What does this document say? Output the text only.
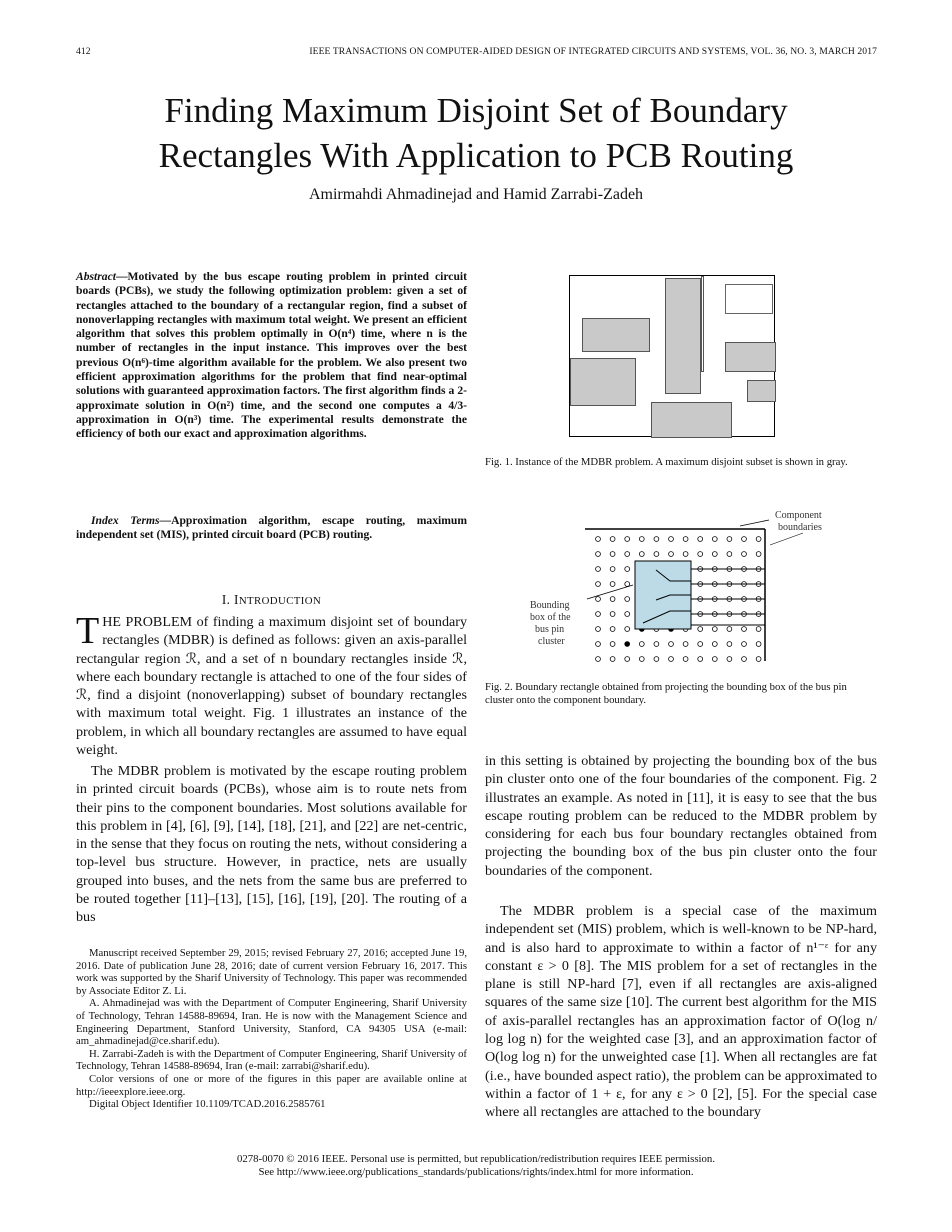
412	IEEE TRANSACTIONS ON COMPUTER-AIDED DESIGN OF INTEGRATED CIRCUITS AND SYSTEMS, VOL. 36, NO. 3, MARCH 2017
Finding Maximum Disjoint Set of Boundary
Rectangles With Application to PCB Routing
Amirmahdi Ahmadinejad and Hamid Zarrabi-Zadeh
Abstract—Motivated by the bus escape routing problem in printed circuit boards (PCBs), we study the following optimization problem: given a set of rectangles attached to the boundary of a rectangular region, find a subset of nonoverlapping rectangles with maximum total weight. We present an efficient algorithm that solves this problem optimally in O(n⁴) time, where n is the number of rectangles in the input instance. This improves over the best previous O(n⁶)-time algorithm available for the problem. We also present two efficient approximation algorithms for the problem that find near-optimal solutions with guaranteed approximation factors. The first algorithm finds a 2-approximate solution in O(n²) time, and the second one computes a 4/3-approximation in O(n³) time. The experimental results demonstrate the efficiency of both our exact and approximation algorithms.
Index Terms—Approximation algorithm, escape routing, maximum independent set (MIS), printed circuit board (PCB) routing.
I. INTRODUCTION
THE PROBLEM of finding a maximum disjoint set of boundary rectangles (MDBR) is defined as follows: given an axis-parallel rectangular region ℛ, and a set of n boundary rectangles inside ℛ, where each boundary rectangle is attached to one of the four sides of ℛ, find a disjoint (nonoverlapping) subset of boundary rectangles with maximum total weight. Fig. 1 illustrates an instance of the problem, in which all boundary rectangles are assumed to have equal weight.
The MDBR problem is motivated by the escape routing problem in printed circuit boards (PCBs), whose aim is to route nets from their pins to the component boundaries. Most solutions available for this problem in [4], [6], [9], [14], [18], [21], and [22] are net-centric, in the sense that they focus on routing the nets, without considering a top-level bus structure. However, in practice, nets are usually grouped into buses, and the nets from the same bus are preferred to be routed together [11]–[13], [15], [16], [19], [20]. The routing of a bus

Manuscript received September 29, 2015; revised February 27, 2016; accepted June 19, 2016. Date of publication June 28, 2016; date of current version February 16, 2017. This work was supported by the Sharif University of Technology. This paper was recommended by Associate Editor Z. Li.

A. Ahmadinejad was with the Department of Computer Engineering, Sharif University of Technology, Tehran 14588-89694, Iran. He is now with the Management Science and Engineering Department, Stanford University, Stanford, CA 94305 USA (e-mail: am_ahmadinejad@ce.sharif.edu).

H. Zarrabi-Zadeh is with the Department of Computer Engineering, Sharif University of Technology, Tehran 14588-89694, Iran (e-mail: zarrabi@sharif.edu).

Color versions of one or more of the figures in this paper are available online at http://ieeexplore.ieee.org.

Digital Object Identifier 10.1109/TCAD.2016.2585761

Fig. 1. Instance of the MDBR problem. A maximum disjoint subset is shown in gray.
Component
boundaries
Bounding
box of the
bus pin
cluster
Fig. 2. Boundary rectangle obtained from projecting the bounding box of the bus pin cluster onto the component boundary.
in this setting is obtained by projecting the bounding box of the bus pin cluster onto one of the four boundaries of the component. Fig. 2 illustrates an example. As noted in [11], it is easy to see that the bus escape routing problem can be reduced to the MDBR problem by considering for each bus four boundary rectangles obtained from projecting the bounding box of the bus pin cluster onto the four boundaries of the component.
The MDBR problem is a special case of the maximum independent set (MIS) problem, which is well-known to be NP-hard, and is also hard to approximate to within a factor of n¹⁻ᵋ for any constant ε > 0 [8]. The MIS problem for a set of rectangles in the plane is still NP-hard [7], even if all rectangles are axis-aligned squares of the same size [10]. The current best algorithm for the MIS of axis-parallel rectangles has an approximation factor of O(log n/ log log n) for the weighted case [3], and an approximation factor of O(log log n) for the unweighted case [1]. When all rectangles are fat (i.e., have bounded aspect ratio), the problem can be approximated to within a factor of 1 + ε, for any ε > 0 [2], [5]. For the special case where all rectangles are attached to the boundary
0278-0070 © 2016 IEEE. Personal use is permitted, but republication/redistribution requires IEEE permission.
See http://www.ieee.org/publications_standards/publications/rights/index.html for more information.
